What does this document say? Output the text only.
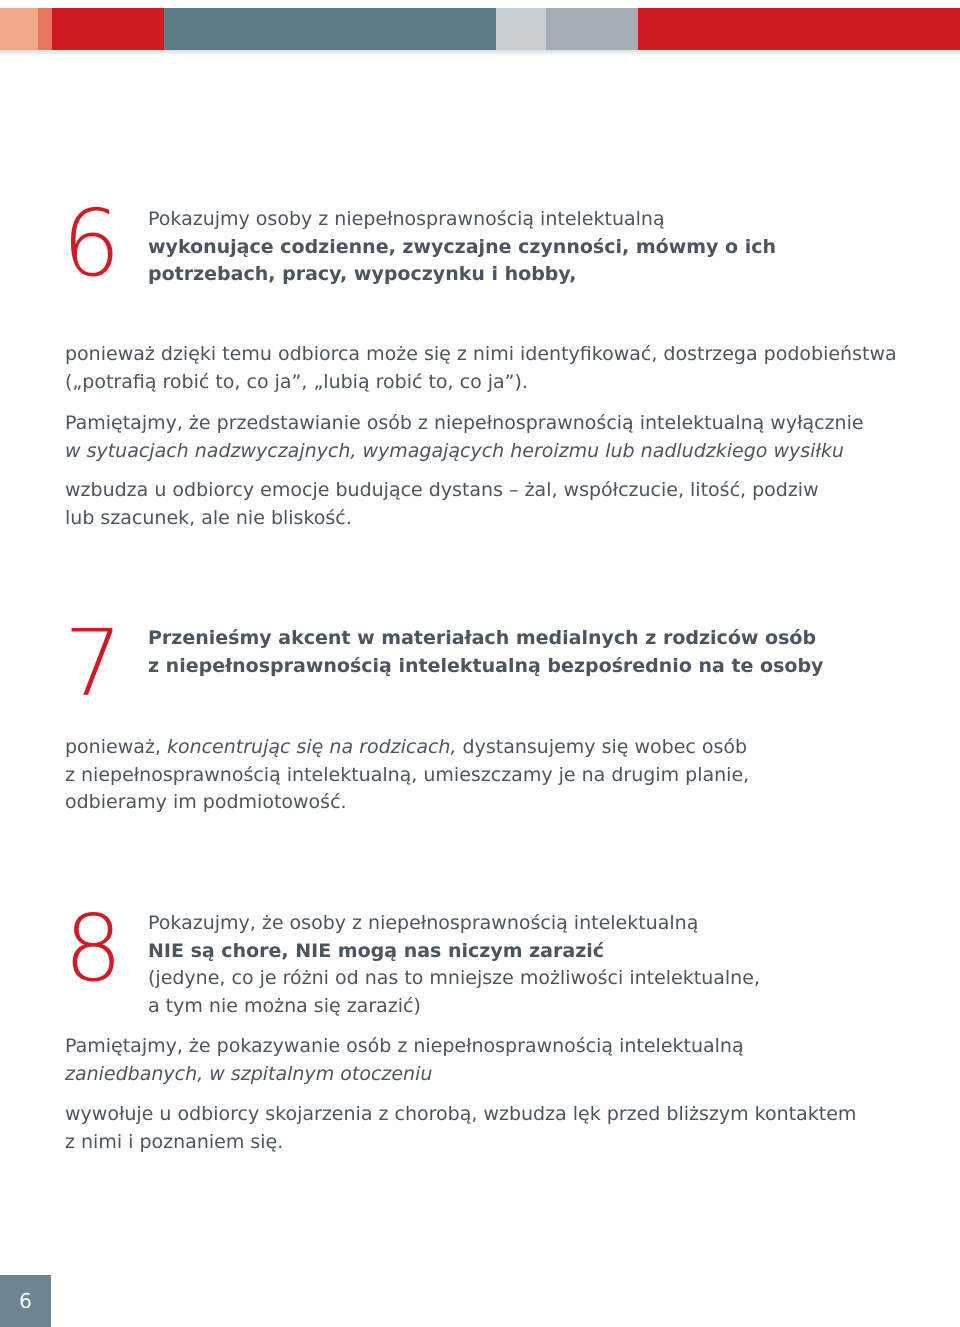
6 Pokazujmy osoby z niepełnosprawnością intelektualną
wykonujące codzienne, zwyczajne czynności, mówmy o ich
potrzebach, pracy, wypoczynku i hobby,
ponieważ dzięki temu odbiorca może się z nimi identyfikować, dostrzega podobieństwa
(„potrafią robić to, co ja”, „lubią robić to, co ja”).
Pamiętajmy, że przedstawianie osób z niepełnosprawnością intelektualną wyłącznie
w sytuacjach nadzwyczajnych, wymagających heroizmu lub nadludzkiego wysiłku
wzbudza u odbiorcy emocje budujące dystans – żal, współczucie, litość, podziw
lub szacunek, ale nie bliskość.
7 Przenieśmy akcent w materiałach medialnych z rodziców osób
z niepełnosprawnością intelektualną bezpośrednio na te osoby
ponieważ, koncentrując się na rodzicach, dystansujemy się wobec osób
z niepełnosprawnością intelektualną, umieszczamy je na drugim planie,
odbieramy im podmiotowość.
8 Pokazujmy, że osoby z niepełnosprawnością intelektualną
NIE są chore, NIE mogą nas niczym zarazić
(jedyne, co je różni od nas to mniejsze możliwości intelektualne,
a tym nie można się zarazić)
Pamiętajmy, że pokazywanie osób z niepełnosprawnością intelektualną
zaniedbanych, w szpitalnym otoczeniu
wywołuje u odbiorcy skojarzenia z chorobą, wzbudza lęk przed bliższym kontaktem
z nimi i poznaniem się.
6
